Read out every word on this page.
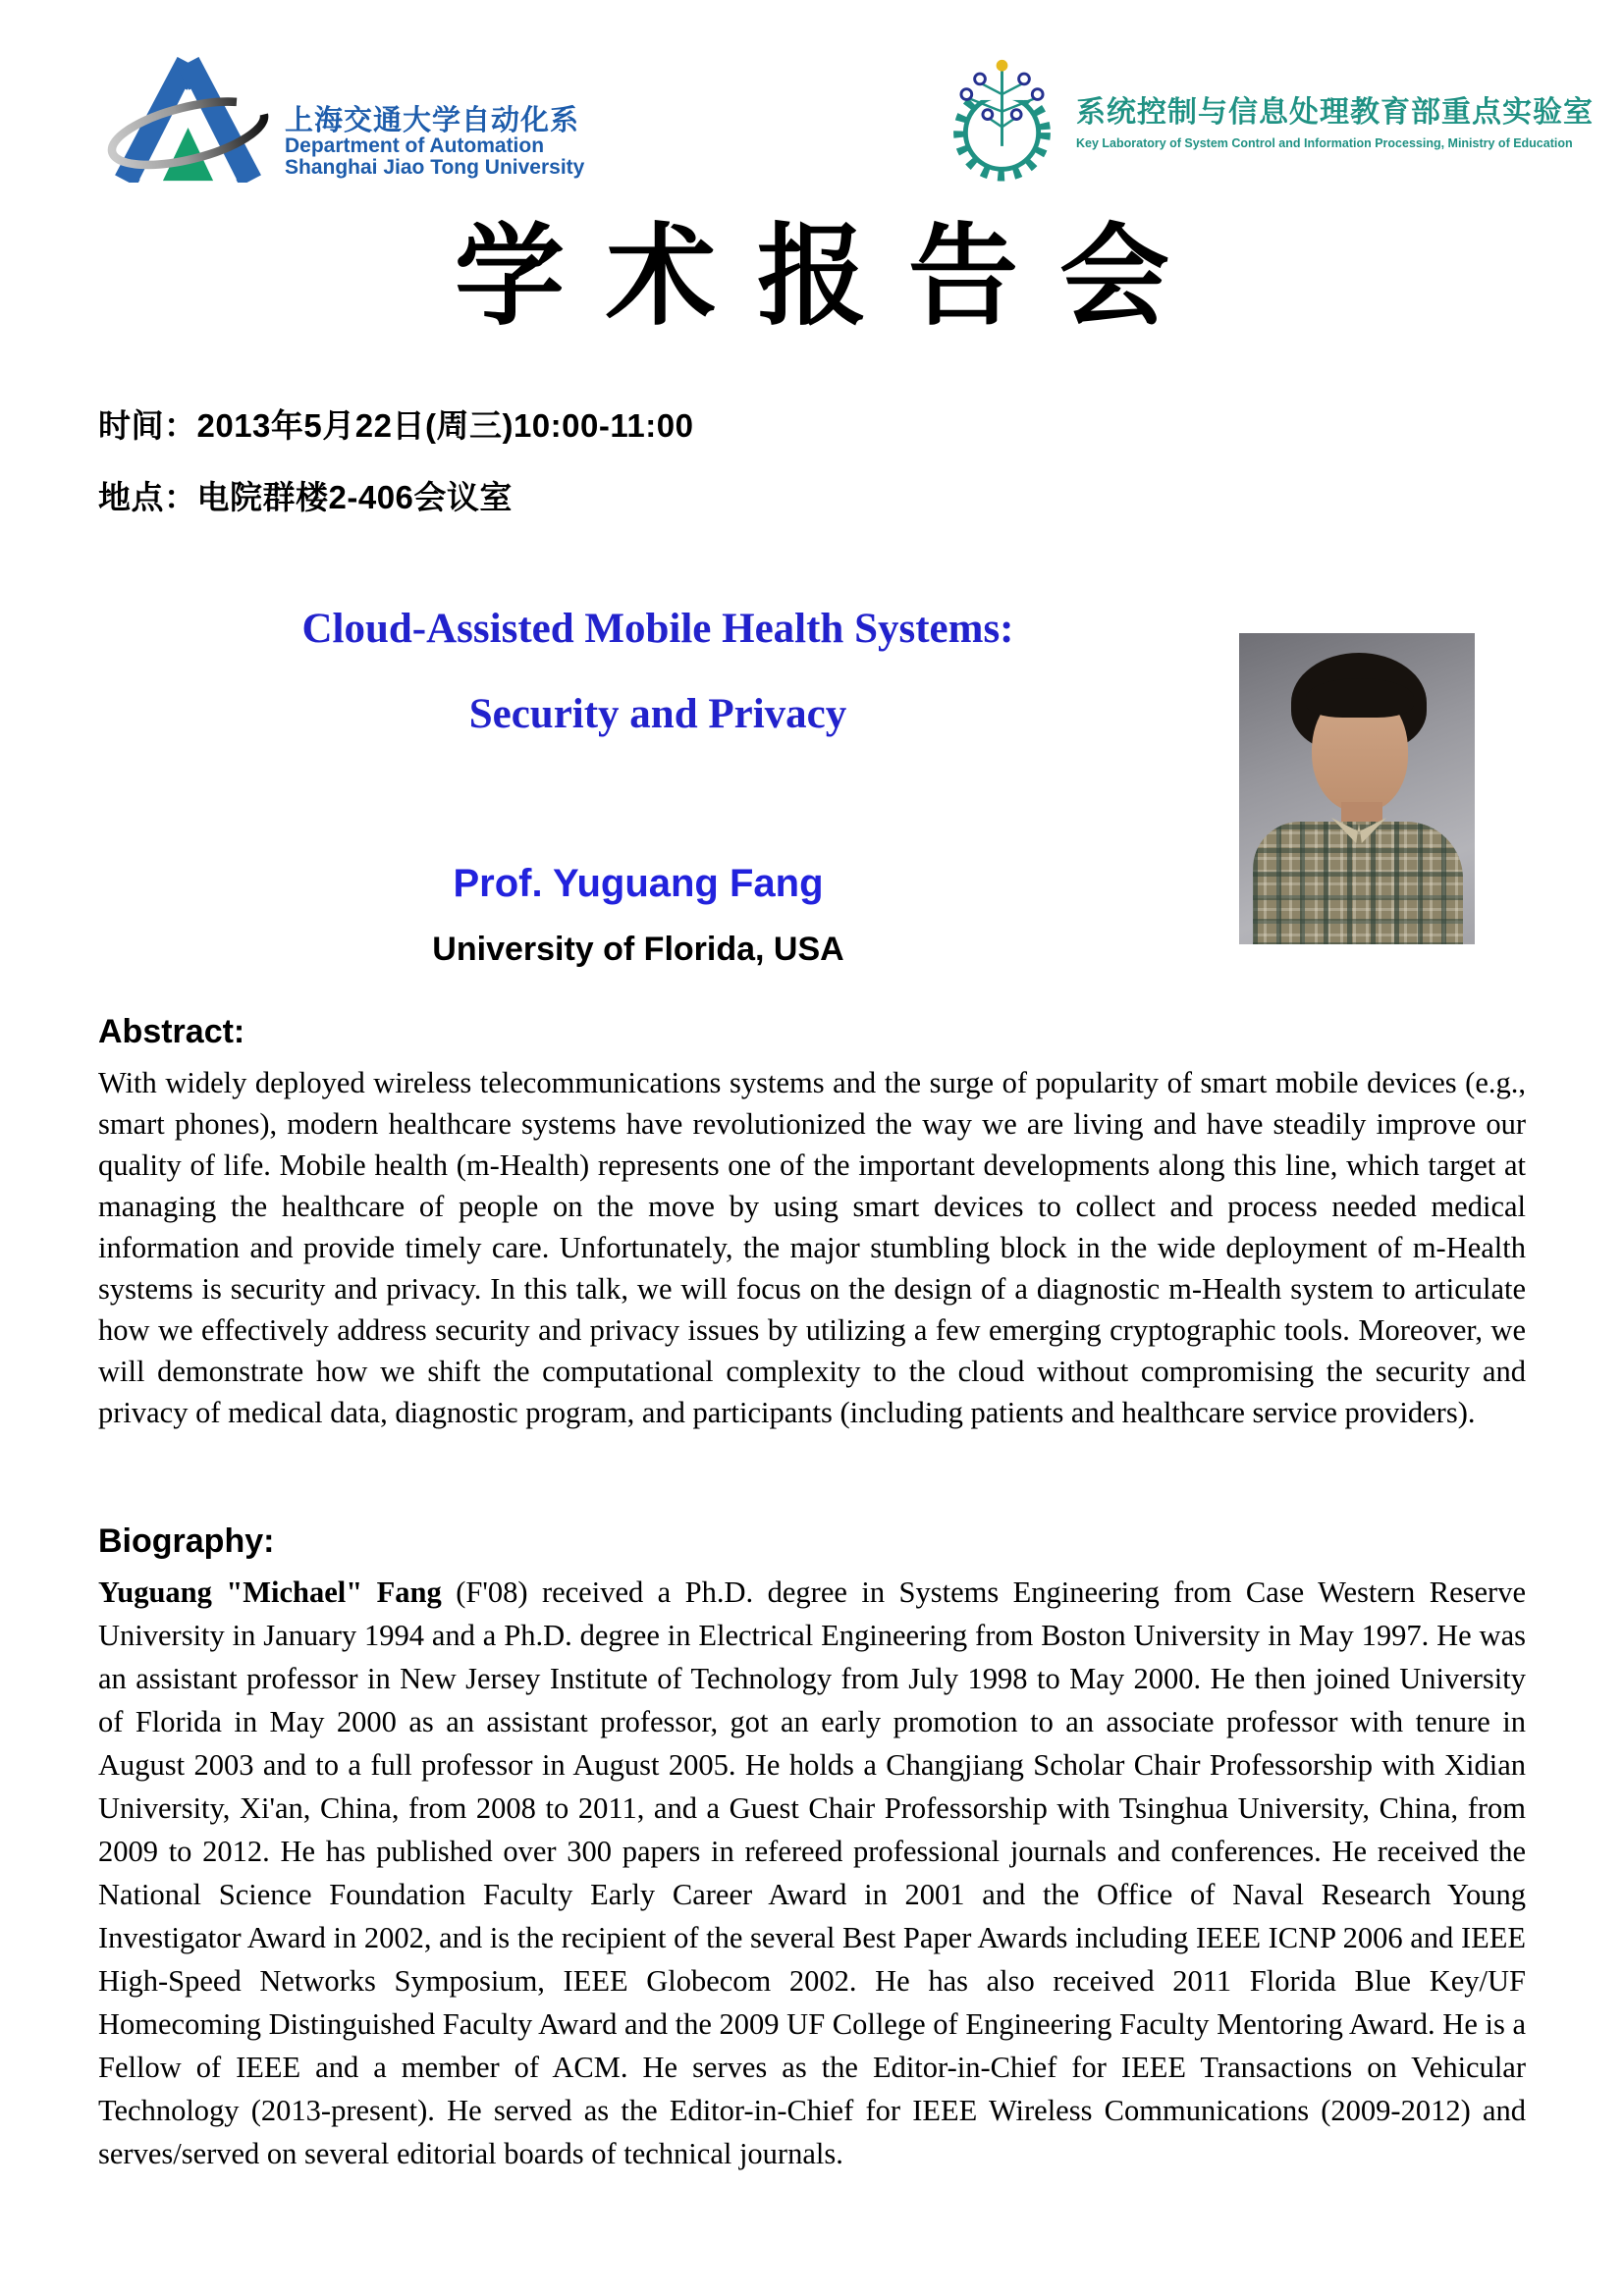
上海交通大学自动化系
Department of Automation
Shanghai Jiao Tong University
系统控制与信息处理教育部重点实验室
Key Laboratory of System Control and Information Processing, Ministry of Education
学术报告会
时间：2013年5月22日(周三)10:00-11:00
地点：电院群楼2-406会议室
Cloud-Assisted Mobile Health Systems:
Security and Privacy
Prof. Yuguang Fang
University of Florida, USA
Abstract:

With widely deployed wireless telecommunications systems and the surge of popularity of smart mobile devices (e.g., smart phones), modern healthcare systems have revolutionized the way we are living and have steadily improve our quality of life. Mobile health (m-Health) represents one of the important developments along this line, which target at managing the healthcare of people on the move by using smart devices to collect and process needed medical information and provide timely care. Unfortunately, the major stumbling block in the wide deployment of m-Health systems is security and privacy. In this talk, we will focus on the design of a diagnostic m-Health system to articulate how we effectively address security and privacy issues by utilizing a few emerging cryptographic tools. Moreover, we will demonstrate how we shift the computational complexity to the cloud without compromising the security and privacy of medical data, diagnostic program, and participants (including patients and healthcare service providers).

Biography:

Yuguang "Michael" Fang (F'08) received a Ph.D. degree in Systems Engineering from Case Western Reserve University in January 1994 and a Ph.D. degree in Electrical Engineering from Boston University in May 1997. He was an assistant professor in New Jersey Institute of Technology from July 1998 to May 2000. He then joined University of Florida in May 2000 as an assistant professor, got an early promotion to an associate professor with tenure in August 2003 and to a full professor in August 2005. He holds a Changjiang Scholar Chair Professorship with Xidian University, Xi'an, China, from 2008 to 2011, and a Guest Chair Professorship with Tsinghua University, China, from 2009 to 2012. He has published over 300 papers in refereed professional journals and conferences. He received the National Science Foundation Faculty Early Career Award in 2001 and the Office of Naval Research Young Investigator Award in 2002, and is the recipient of the several Best Paper Awards including IEEE ICNP 2006 and IEEE High-Speed Networks Symposium, IEEE Globecom 2002. He has also received 2011 Florida Blue Key/UF Homecoming Distinguished Faculty Award and the 2009 UF College of Engineering Faculty Mentoring Award. He is a Fellow of IEEE and a member of ACM. He serves as the Editor-in-Chief for IEEE Transactions on Vehicular Technology (2013-present). He served as the Editor-in-Chief for IEEE Wireless Communications (2009-2012) and serves/served on several editorial boards of technical journals.
